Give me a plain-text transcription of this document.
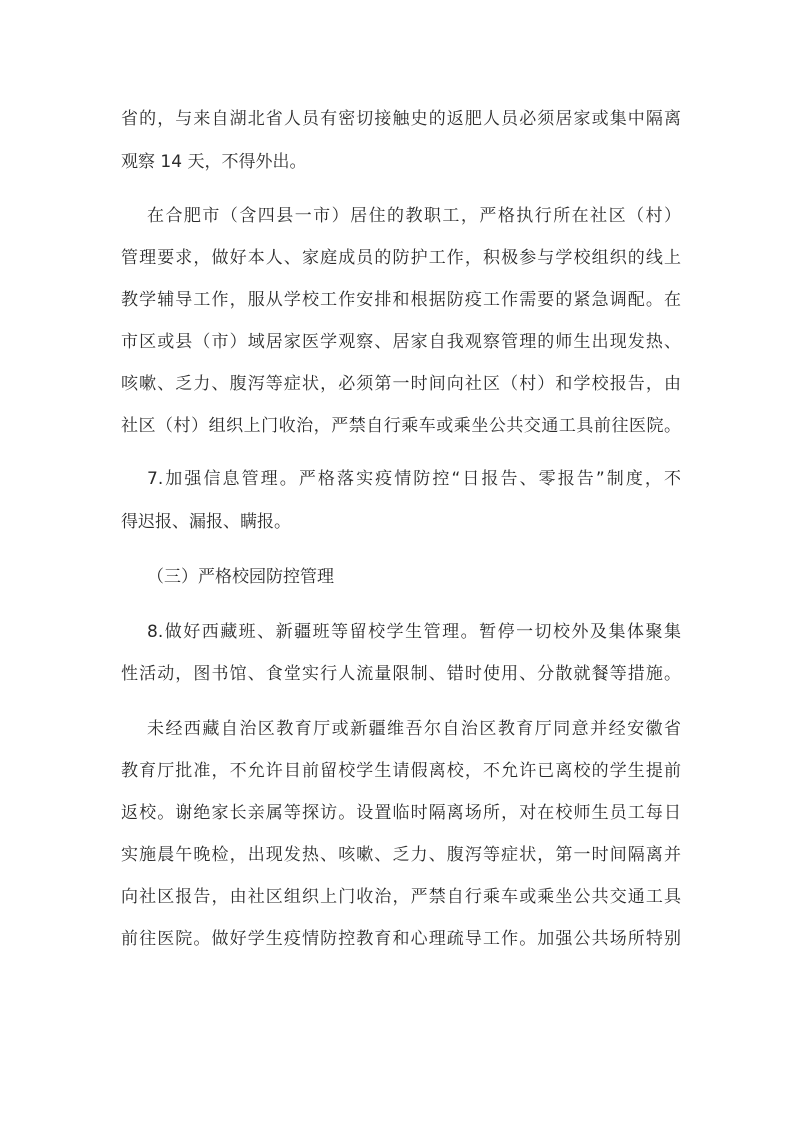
省的，与来自湖北省人员有密切接触史的返肥人员必须居家或集中隔离
观察 14 天，不得外出。
在合肥市（含四县一市）居住的教职工，严格执行所在社区（村）
管理要求，做好本人、家庭成员的防护工作，积极参与学校组织的线上
教学辅导工作，服从学校工作安排和根据防疫工作需要的紧急调配。在
市区或县（市）域居家医学观察、居家自我观察管理的师生出现发热、
咳嗽、乏力、腹泻等症状，必须第一时间向社区（村）和学校报告，由
社区（村）组织上门收治，严禁自行乘车或乘坐公共交通工具前往医院。
7.加强信息管理。严格落实疫情防控“日报告、零报告”制度，不
得迟报、漏报、瞒报。
（三）严格校园防控管理
8.做好西藏班、新疆班等留校学生管理。暂停一切校外及集体聚集
性活动，图书馆、食堂实行人流量限制、错时使用、分散就餐等措施。
未经西藏自治区教育厅或新疆维吾尔自治区教育厅同意并经安徽省
教育厅批准，不允许目前留校学生请假离校，不允许已离校的学生提前
返校。谢绝家长亲属等探访。设置临时隔离场所，对在校师生员工每日
实施晨午晚检，出现发热、咳嗽、乏力、腹泻等症状，第一时间隔离并
向社区报告，由社区组织上门收治，严禁自行乘车或乘坐公共交通工具
前往医院。做好学生疫情防控教育和心理疏导工作。加强公共场所特别
